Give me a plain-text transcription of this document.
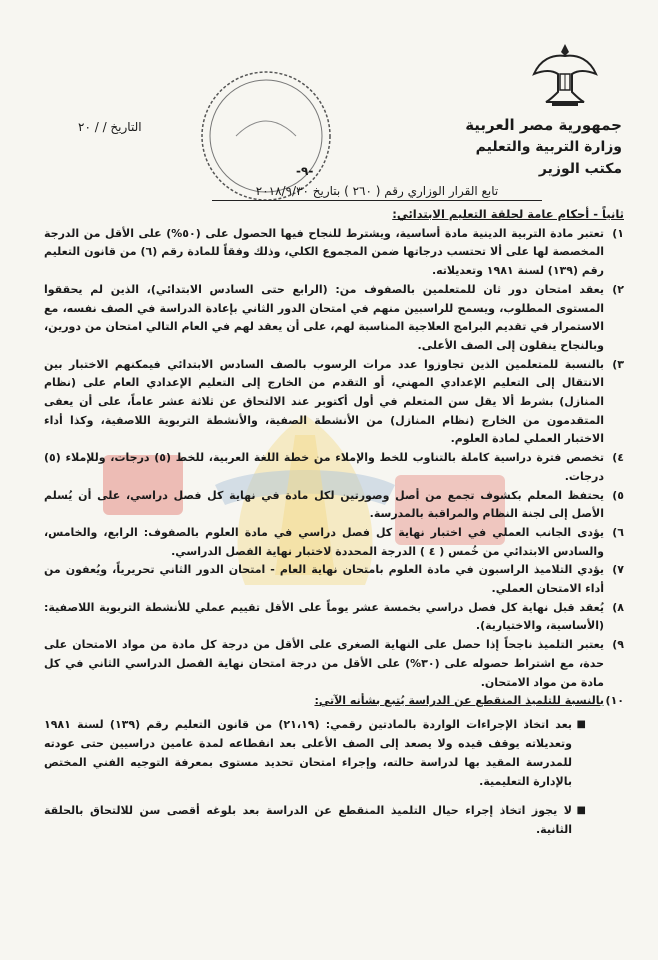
جمهورية مصر العربية
وزارة التربية والتعليم
مكتب الوزير
التاريخ / / ٢٠
-٩-
تابع القرار الوزاري رقم ( ٢٦٠ ) بتاريخ ٢٠١٨/٩/٣٠
ثانياً - أحكام عامة لحلقة التعليم الابتدائي:
١)
تعتبر مادة التربية الدينية مادة أساسية، ويشترط للنجاح فيها الحصول على (٥٠%) على الأقل من الدرجة المخصصة لها على ألا تحتسب درجاتها ضمن المجموع الكلي، وذلك وفقاً للمادة رقم (٦) من قانون التعليم رقم (١٣٩) لسنة ١٩٨١ وتعديلاته.
٢)
يعقد امتحان دور ثان للمتعلمين بالصفوف من: (الرابع حتى السادس الابتدائي)، الذين لم يحققوا المستوى المطلوب، ويسمح للراسبين منهم في امتحان الدور الثاني بإعادة الدراسة في الصف نفسه، مع الاستمرار في تقديم البرامج العلاجية المناسبة لهم، على أن يعقد لهم في العام التالي امتحان من دورين، وبالنجاح ينقلون إلى الصف الأعلى.
٣)
بالنسبة للمتعلمين الذين تجاوزوا عدد مرات الرسوب بالصف السادس الابتدائي فيمكنهم الاختبار بين الانتقال إلى التعليم الإعدادي المهني، أو التقدم من الخارج إلى التعليم الإعدادي العام على (نظام المنازل) بشرط ألا يقل سن المتعلم في أول أكتوبر عند الالتحاق عن ثلاثة عشر عاماً، على أن يعفى المتقدمون من الخارج (نظام المنازل) من الأنشطة الصفية، والأنشطة التربوية اللاصفية، وكذا أداء الاختبار العملي لمادة العلوم.
٤)
تخصص فترة دراسية كاملة بالتناوب للخط والإملاء من خطة اللغة العربية، للخط (٥) درجات، وللإملاء (٥) درجات.
٥)
يحتفظ المعلم بكشوف تجمع من أصل وصورتين لكل مادة في نهاية كل فصل دراسي، على أن يُسلم الأصل إلى لجنة النظام والمراقبة بالمدرسة.
٦)
يؤدى الجانب العملي في اختبار نهاية كل فصل دراسي في مادة العلوم بالصفوف: الرابع، والخامس، والسادس الابتدائي من خُمس ( ٤ ) الدرجة المحددة لاختبار نهاية الفصل الدراسي.
٧)
يؤدي التلاميذ الراسبون في مادة العلوم بامتحان نهاية العام - امتحان الدور الثاني تحريرياً، ويُعفون من أداء الامتحان العملي.
٨)
يُعقد قبل نهاية كل فصل دراسي بخمسة عشر يوماً على الأقل تقييم عملي للأنشطة التربوية اللاصفية: (الأساسية، والاختيارية).
٩)
يعتبر التلميذ ناجحاً إذا حصل على النهاية الصغرى على الأقل من درجة كل مادة من مواد الامتحان على حدة، مع اشتراط حصوله على (٣٠%) على الأقل من درجة امتحان نهاية الفصل الدراسي الثاني في كل مادة من مواد الامتحان.
١٠)
بالنسبة للتلميذ المنقطع عن الدراسة يُتبع بشأنه الآتي:
■
بعد اتخاذ الإجراءات الواردة بالمادتين رقمي: (٢١،١٩) من قانون التعليم رقم (١٣٩) لسنة ١٩٨١ وتعديلاته يوقف قيده ولا يصعد إلى الصف الأعلى بعد انقطاعه لمدة عامين دراسيين حتى عودته للمدرسة المقيد بها لدراسة حالته، وإجراء امتحان تحديد مستوى بمعرفة التوجيه الفني المختص بالإدارة التعليمية.
■
لا يجوز اتخاذ إجراء حيال التلميذ المنقطع عن الدراسة بعد بلوغه أقصى سن للالتحاق بالحلقة الثانية.
